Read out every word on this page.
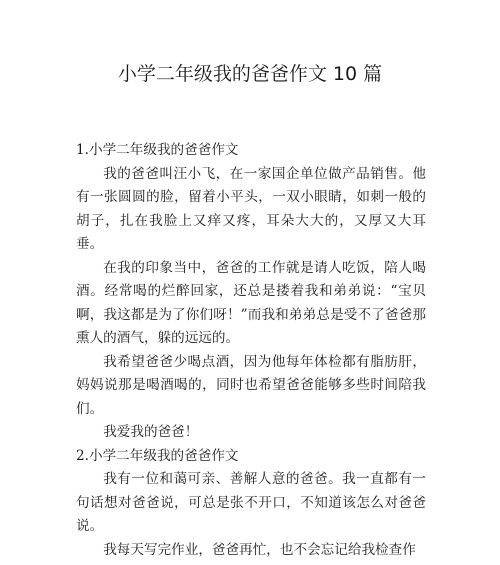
小学二年级我的爸爸作文 10 篇

1.小学二年级我的爸爸作文

我的爸爸叫汪小飞，在一家国企单位做产品销售。他有一张圆圆的脸，留着小平头，一双小眼睛，如刺一般的胡子，扎在我脸上又痒又疼，耳朵大大的，又厚又大耳垂。

在我的印象当中，爸爸的工作就是请人吃饭，陪人喝酒。经常喝的烂醉回家，还总是搂着我和弟弟说：“宝贝啊，我这都是为了你们呀！”而我和弟弟总是受不了爸爸那熏人的酒气，躲的远远的。

我希望爸爸少喝点酒，因为他每年体检都有脂肪肝，妈妈说那是喝酒喝的，同时也希望爸爸能够多些时间陪我们。

我爱我的爸爸！

2.小学二年级我的爸爸作文

我有一位和蔼可亲、善解人意的爸爸。我一直都有一句话想对爸爸说，可总是张不开口，不知道该怎么对爸爸说。

我每天写完作业，爸爸再忙，也不会忘记给我检查作
